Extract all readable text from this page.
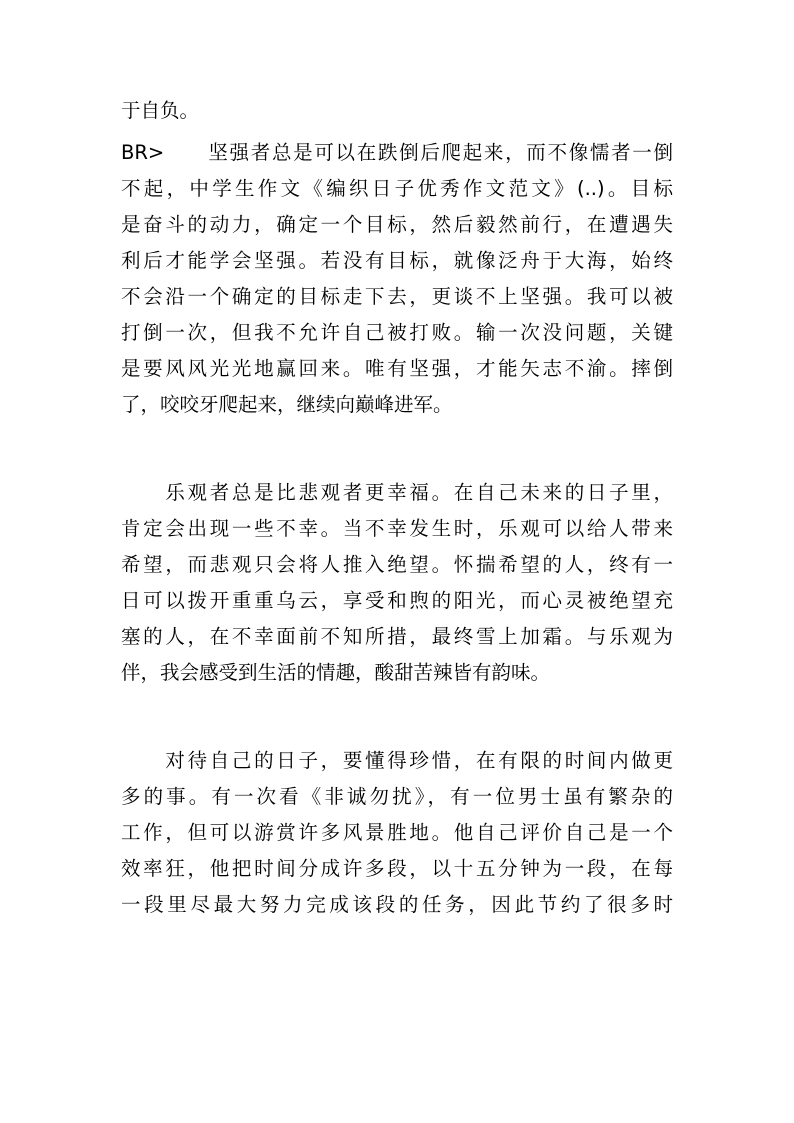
于自负。
BR>　　坚强者总是可以在跌倒后爬起来，而不像懦者一倒
不起，中学生作文《编织日子优秀作文范文》(..)。目标
是奋斗的动力，确定一个目标，然后毅然前行，在遭遇失
利后才能学会坚强。若没有目标，就像泛舟于大海，始终
不会沿一个确定的目标走下去，更谈不上坚强。我可以被
打倒一次，但我不允许自己被打败。输一次没问题，关键
是要风风光光地赢回来。唯有坚强，才能矢志不渝。摔倒
了，咬咬牙爬起来，继续向巅峰进军。
　　乐观者总是比悲观者更幸福。在自己未来的日子里，
肯定会出现一些不幸。当不幸发生时，乐观可以给人带来
希望，而悲观只会将人推入绝望。怀揣希望的人，终有一
日可以拨开重重乌云，享受和煦的阳光，而心灵被绝望充
塞的人，在不幸面前不知所措，最终雪上加霜。与乐观为
伴，我会感受到生活的情趣，酸甜苦辣皆有韵味。
　　对待自己的日子，要懂得珍惜，在有限的时间内做更
多的事。有一次看《非诚勿扰》，有一位男士虽有繁杂的
工作，但可以游赏许多风景胜地。他自己评价自己是一个
效率狂，他把时间分成许多段，以十五分钟为一段，在每
一段里尽最大努力完成该段的任务，因此节约了很多时
